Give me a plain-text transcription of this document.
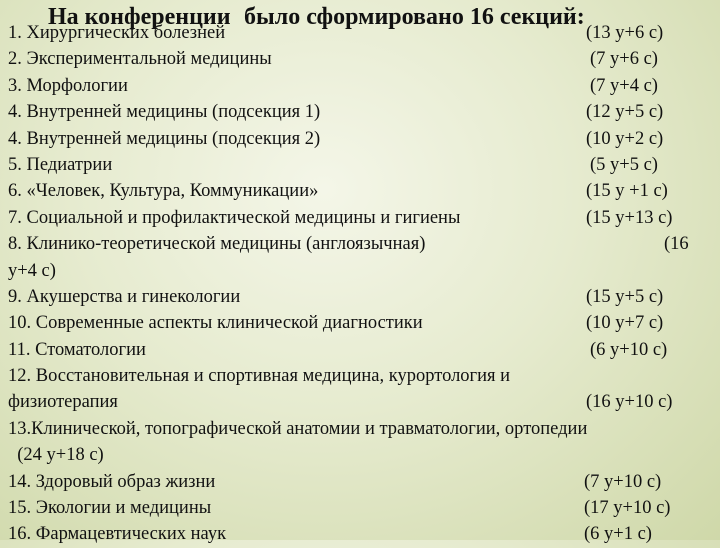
На конференции было сформировано 16 секций:
1. Хирургических болезней	(13 у+6 с)
2. Экспериментальной медицины	(7 у+6 с)
3. Морфологии	(7 у+4 с)
4. Внутренней медицины (подсекция 1)	(12 у+5 с)
4. Внутренней медицины (подсекция 2)	(10 у+2 с)
5. Педиатрии	(5 у+5 с)
6. «Человек, Культура, Коммуникации»	(15 у +1 с)
7. Социальной и профилактической медицины и гигиены	(15 у+13 с)
8. Клинико-теоретической медицины (англоязычная)	(16
у+4 с)
9. Акушерства и гинекологии	(15 у+5 с)
10. Современные аспекты клинической диагностики	(10 у+7 с)
11. Стоматологии	(6 у+10 с)
12. Восстановительная и спортивная медицина, курортология и
физиотерапия	(16 у+10 с)
13.Клинической, топографической анатомии и травматологии, ортопедии
(24 у+18 с)
14. Здоровый образ жизни	(7 у+10 с)
15. Экологии и медицины	(17 у+10 с)
16. Фармацевтических наук	(6 у+1 с)
